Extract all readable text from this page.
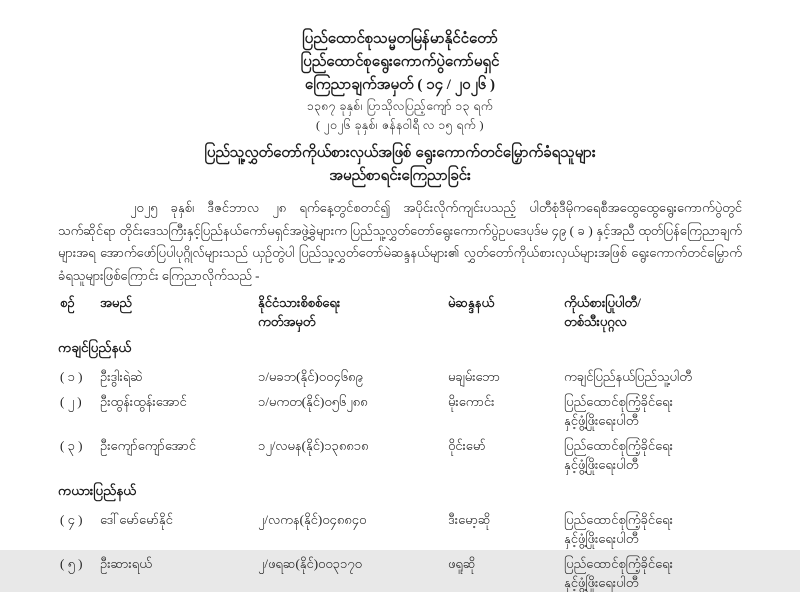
ပြည်ထောင်စုသမ္မတမြန်မာနိုင်ငံတော်
ပြည်ထောင်စုရွေးကောက်ပွဲကော်မရှင်
ကြေညာချက်အမှတ် ( ၁၄ / ၂၀၂၆ )
၁၃၈၇ ခုနှစ်၊ ပြာသိုလပြည့်ကျော် ၁၃ ရက်
( ၂၀၂၆ ခုနှစ်၊ ဇန်နဝါရီ လ ၁၅ ရက် )
ပြည်သူ့လွှတ်တော်ကိုယ်စားလှယ်အဖြစ် ရွေးကောက်တင်မြှောက်ခံရသူများ
အမည်စာရင်းကြေညာခြင်း
၂၀၂၅ ခုနှစ်၊ ဒီဇင်ဘာလ ၂၈ ရက်နေ့တွင်စတင်၍ အပိုင်းလိုက်ကျင်းပသည့် ပါတီစုံဒီမိုကရေစီအထွေထွေရွေးကောက်ပွဲတွင် သက်ဆိုင်ရာ တိုင်းဒေသကြီးနှင့်ပြည်နယ်ကော်မရှင်အဖွဲ့ခွဲများက ပြည်သူ့လွှတ်တော်ရွေးကောက်ပွဲဥပဒေပုဒ်မ ၄၉ ( ခ ) နှင့်အညီ ထုတ်ပြန်ကြေညာချက်များအရ အောက်ဖော်ပြပါပုဂ္ဂိုလ်များသည် ယှဉ်တွဲပါ ပြည်သူ့လွှတ်တော်မဲဆန္ဒနယ်များ၏ လွှတ်တော်ကိုယ်စားလှယ်များအဖြစ် ရွေးကောက်တင်မြှောက်ခံရသူများဖြစ်ကြောင်း ကြေညာလိုက်သည် -
စဉ်	အမည်	နိုင်ငံသားစိစစ်ရေး
ကတ်အမှတ်
မဲဆန္ဒနယ်	ကိုယ်စားပြုပါတီ/
တစ်သီးပုဂ္ဂလ
ကချင်ပြည်နယ်
( ၁ )	ဦးဒွါးရဲဆဲ	၁/မခဘ(နိုင်)၀၀၄၆၈၉	မချမ်းဘော	ကချင်ပြည်နယ်ပြည်သူ့ပါတီ
( ၂ )	ဦးထွန်းထွန်းအောင်	၁/မကတ(နိုင်)၀၅၆၂၈၈	မိုးကောင်း	ပြည်ထောင်စုကြံ့ခိုင်ရေး
နှင့်ဖွံ့ဖြိုးရေးပါတီ
( ၃ )	ဦးကျော်ကျော်အောင်	၁၂/လမန(နိုင်)၁၃၈၈၁၈	ဝိုင်းမော်	ပြည်ထောင်စုကြံ့ခိုင်ရေး
နှင့်ဖွံ့ဖြိုးရေးပါတီ
ကယားပြည်နယ်
( ၄ )	ဒေါ်မော်မော်နိုင်	၂/လကန(နိုင်)၀၄၈၈၄၀	ဒီးမော့ဆို	ပြည်ထောင်စုကြံ့ခိုင်ရေး
နှင့်ဖွံ့ဖြိုးရေးပါတီ
( ၅ )	ဦးဆားရယ်	၂/ဖရဆ(နိုင်)၀၀၃၁၇၀	ဖရူဆို	ပြည်ထောင်စုကြံ့ခိုင်ရေး
နှင့်ဖွံ့ဖြိုးရေးပါတီ
